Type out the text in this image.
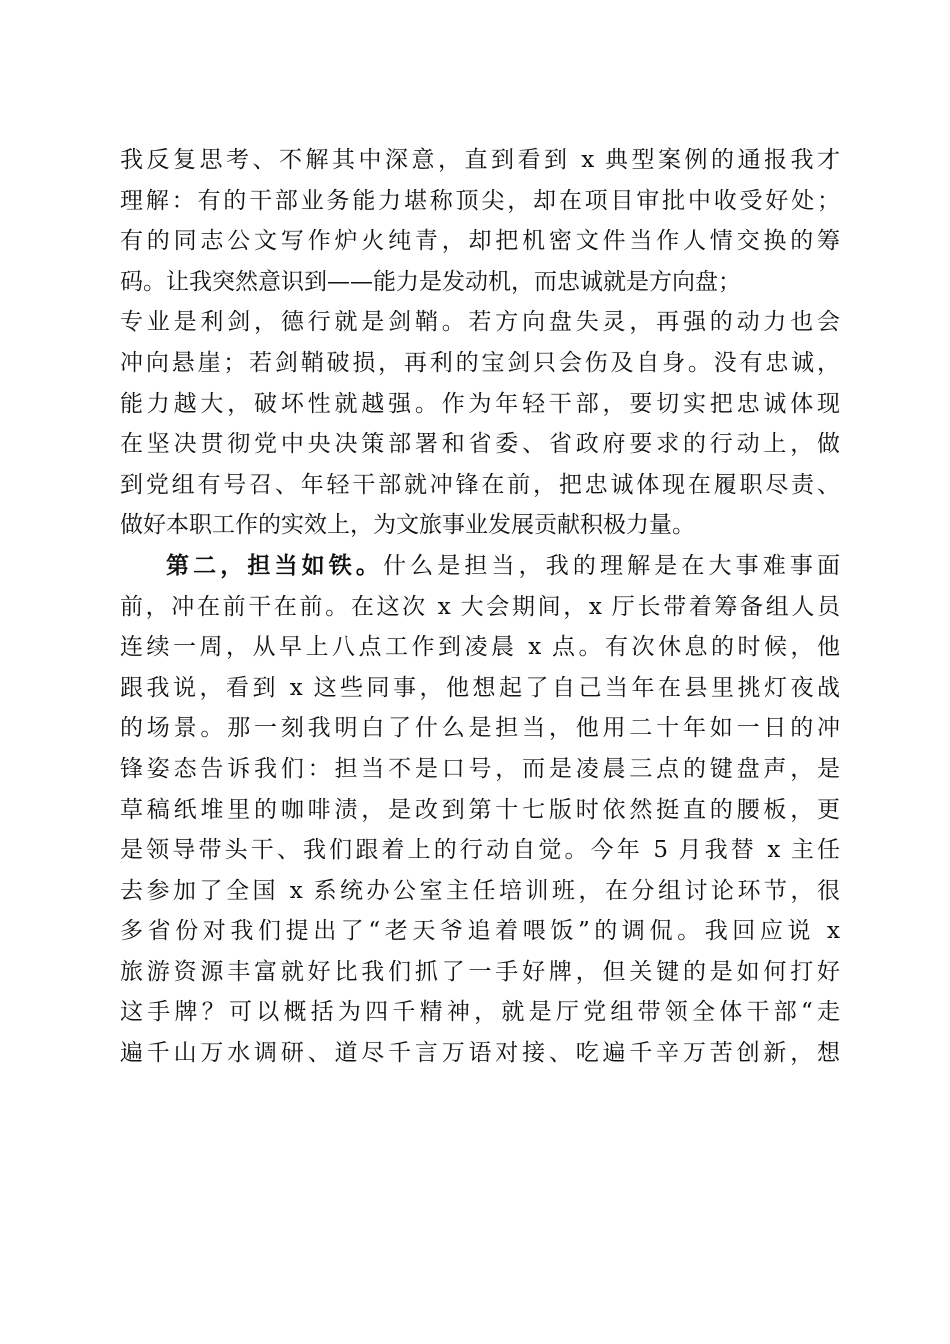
我反复思考、不解其中深意，直到看到 x 典型案例的通报我才
理解：有的干部业务能力堪称顶尖，却在项目审批中收受好处；
有的同志公文写作炉火纯青，却把机密文件当作人情交换的筹
码。让我突然意识到——能力是发动机，而忠诚就是方向盘；
专业是利剑，德行就是剑鞘。若方向盘失灵，再强的动力也会
冲向悬崖；若剑鞘破损，再利的宝剑只会伤及自身。没有忠诚，
能力越大，破坏性就越强。作为年轻干部，要切实把忠诚体现
在坚决贯彻党中央决策部署和省委、省政府要求的行动上，做
到党组有号召、年轻干部就冲锋在前，把忠诚体现在履职尽责、
做好本职工作的实效上，为文旅事业发展贡献积极力量。
第二，担当如铁。什么是担当，我的理解是在大事难事面
前，冲在前干在前。在这次 x 大会期间，x 厅长带着筹备组人员
连续一周，从早上八点工作到凌晨 x 点。有次休息的时候，他
跟我说，看到 x 这些同事，他想起了自己当年在县里挑灯夜战
的场景。那一刻我明白了什么是担当，他用二十年如一日的冲
锋姿态告诉我们：担当不是口号，而是凌晨三点的键盘声，是
草稿纸堆里的咖啡渍，是改到第十七版时依然挺直的腰板，更
是领导带头干、我们跟着上的行动自觉。今年 5 月我替 x 主任
去参加了全国 x 系统办公室主任培训班，在分组讨论环节，很
多省份对我们提出了“老天爷追着喂饭”的调侃。我回应说 x
旅游资源丰富就好比我们抓了一手好牌，但关键的是如何打好
这手牌？可以概括为四千精神，就是厅党组带领全体干部“走
遍千山万水调研、道尽千言万语对接、吃遍千辛万苦创新，想
